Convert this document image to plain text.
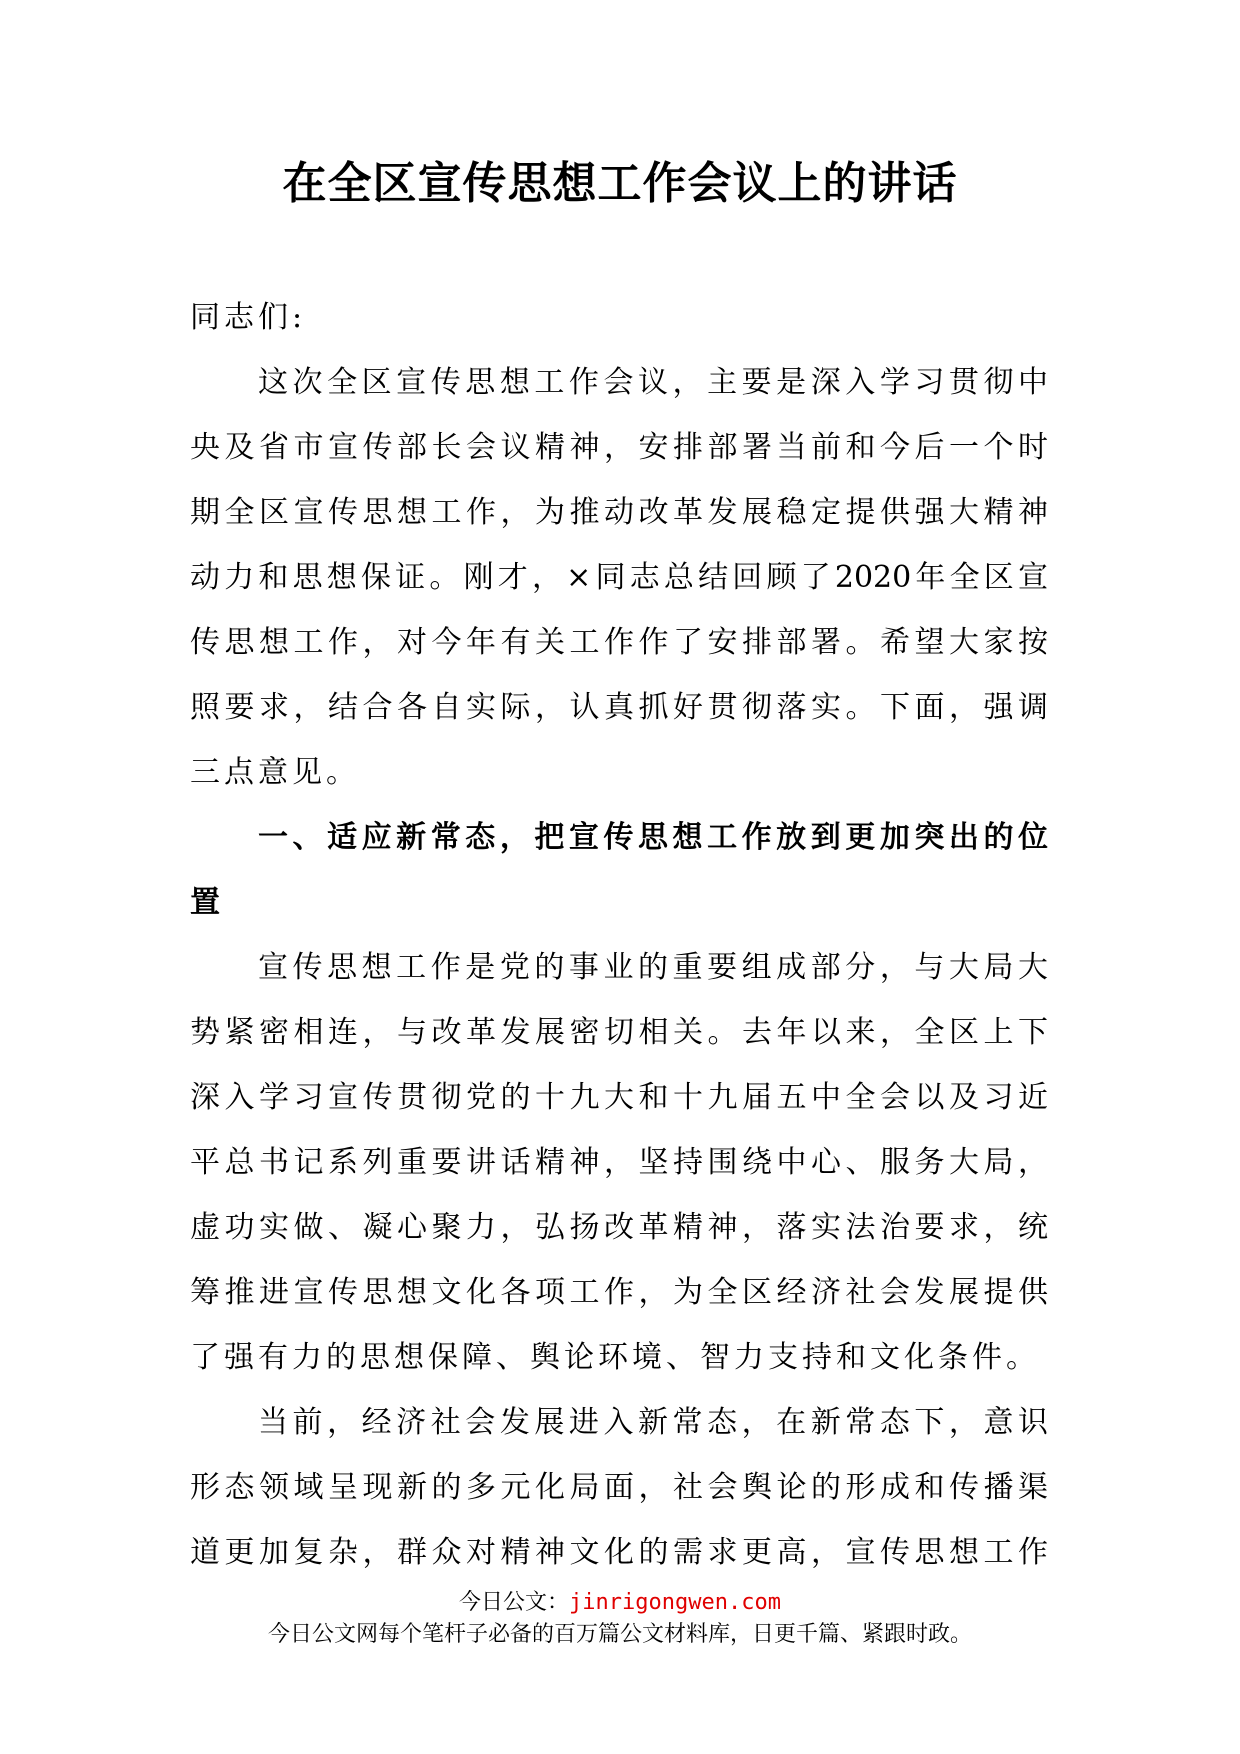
在全区宣传思想工作会议上的讲话
同志们:
这次全区宣传思想工作会议，主要是深入学习贯彻中
央及省市宣传部长会议精神，安排部署当前和今后一个时
期全区宣传思想工作，为推动改革发展稳定提供强大精神
动力和思想保证。刚才，×同志总结回顾了2020年全区宣
传思想工作，对今年有关工作作了安排部署。希望大家按
照要求，结合各自实际，认真抓好贯彻落实。下面，强调
三点意见。
一、适应新常态，把宣传思想工作放到更加突出的位
置
宣传思想工作是党的事业的重要组成部分，与大局大
势紧密相连，与改革发展密切相关。去年以来，全区上下
深入学习宣传贯彻党的十九大和十九届五中全会以及习近
平总书记系列重要讲话精神，坚持围绕中心、服务大局，
虚功实做、凝心聚力，弘扬改革精神，落实法治要求，统
筹推进宣传思想文化各项工作，为全区经济社会发展提供
了强有力的思想保障、舆论环境、智力支持和文化条件。
当前，经济社会发展进入新常态，在新常态下，意识
形态领域呈现新的多元化局面，社会舆论的形成和传播渠
道更加复杂，群众对精神文化的需求更高，宣传思想工作
今日公文：jinrigongwen.com
今日公文网每个笔杆子必备的百万篇公文材料库，日更千篇、紧跟时政。
